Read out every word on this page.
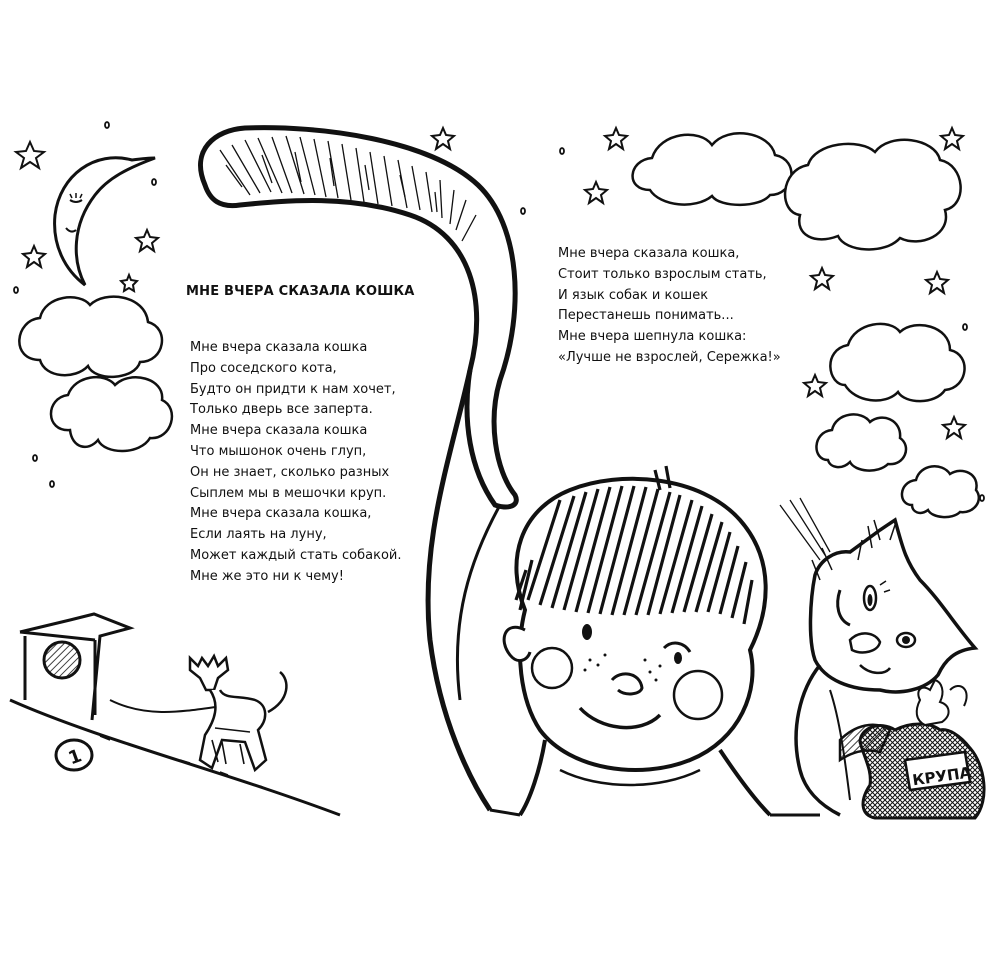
1
КРУПА
МНЕ ВЧЕРА СКАЗАЛА КОШКА
Мне вчера сказала кошка
Про соседского кота,
Будто он придти к нам хочет,
Только дверь все заперта.
Мне вчера сказала кошка
Что мышонок очень глуп,
Он не знает, сколько разных
Сыплем мы в мешочки круп.
Мне вчера сказала кошка,
Если лаять на луну,
Может каждый стать собакой.
Мне же это ни к чему!
Мне вчера сказала кошка,
Стоит только взрослым стать,
И язык собак и кошек
Перестанешь понимать...
Мне вчера шепнула кошка:
«Лучше не взрослей, Сережка!»
